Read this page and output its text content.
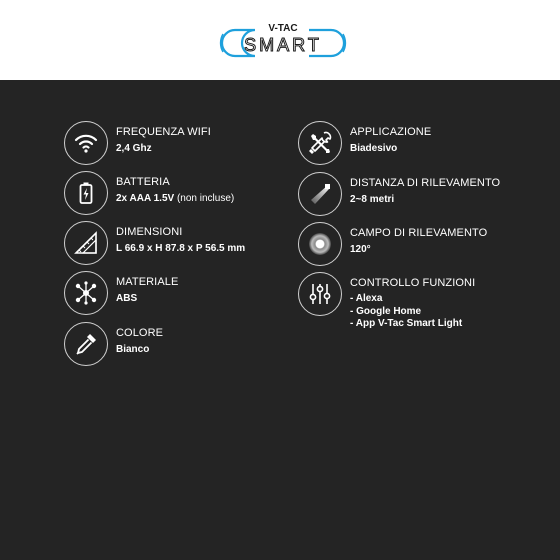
V-TAC
SMART
FREQUENZA WIFI
2,4 Ghz
BATTERIA
2x AAA 1.5V (non incluse)
DIMENSIONI
L 66.9 x H 87.8 x P 56.5 mm
MATERIALE
ABS
COLORE
Bianco
APPLICAZIONE
Biadesivo
DISTANZA DI RILEVAMENTO
2~8 metri
CAMPO DI RILEVAMENTO
120°
CONTROLLO FUNZIONI
- Alexa
- Google Home
- App V-Tac Smart Light
